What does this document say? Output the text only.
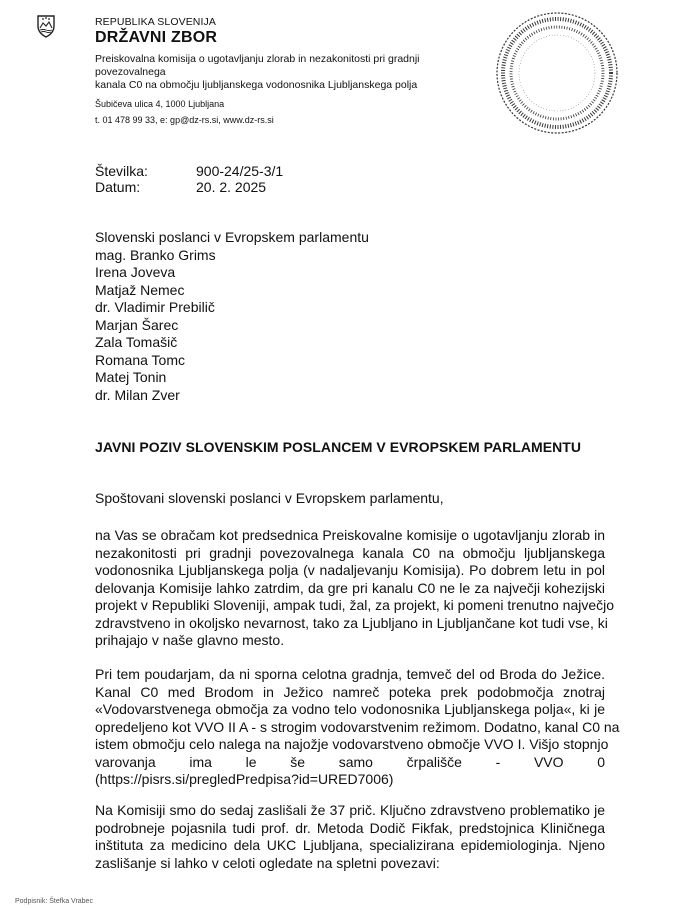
REPUBLIKA SLOVENIJA
DRŽAVNI ZBOR
Preiskovalna komisija o ugotavljanju zlorab in nezakonitosti pri gradnji povezovalnega
kanala C0 na območju ljubljanskega vodonosnika Ljubljanskega polja
Šubičeva ulica 4, 1000 Ljubljana
t. 01 478 99 33, e: gp@dz-rs.si, www.dz-rs.si
Številka:	900-24/25-3/1
Datum:	20. 2. 2025
Slovenski poslanci v Evropskem parlamentu
mag. Branko Grims
Irena Joveva
Matjaž Nemec
dr. Vladimir Prebilič
Marjan Šarec
Zala Tomašič
Romana Tomc
Matej Tonin
dr. Milan Zver
JAVNI POZIV SLOVENSKIM POSLANCEM V EVROPSKEM PARLAMENTU
Spoštovani slovenski poslanci v Evropskem parlamentu,
na Vas se obračam kot predsednica Preiskovalne komisije o ugotavljanju zlorab in
nezakonitosti pri gradnji povezovalnega kanala C0 na območju ljubljanskega
vodonosnika Ljubljanskega polja (v nadaljevanju Komisija). Po dobrem letu in pol
delovanja Komisije lahko zatrdim, da gre pri kanalu C0 ne le za največji kohezijski
projekt v Republiki Sloveniji, ampak tudi, žal, za projekt, ki pomeni trenutno največjo
zdravstveno in okoljsko nevarnost, tako za Ljubljano in Ljubljančane kot tudi vse, ki
prihajajo v naše glavno mesto.
Pri tem poudarjam, da ni sporna celotna gradnja, temveč del od Broda do Ježice.
Kanal C0 med Brodom in Ježico namreč poteka prek podobmočja znotraj
«Vodovarstvenega območja za vodno telo vodonosnika Ljubljanskega polja«, ki je
opredeljeno kot VVO II A - s strogim vodovarstvenim režimom. Dodatno, kanal C0 na
istem območju celo nalega na najožje vodovarstveno območje VVO I. Višjo stopnjo
varovanja ima le še samo črpališče - VVO 0
(https://pisrs.si/pregledPredpisa?id=URED7006)
Na Komisiji smo do sedaj zaslišali že 37 prič. Ključno zdravstveno problematiko je
podrobneje pojasnila tudi prof. dr. Metoda Dodič Fikfak, predstojnica Kliničnega
inštituta za medicino dela UKC Ljubljana, specializirana epidemiologinja. Njeno
zaslišanje si lahko v celoti ogledate na spletni povezavi:
Podpisnik: Štefka Vrabec
